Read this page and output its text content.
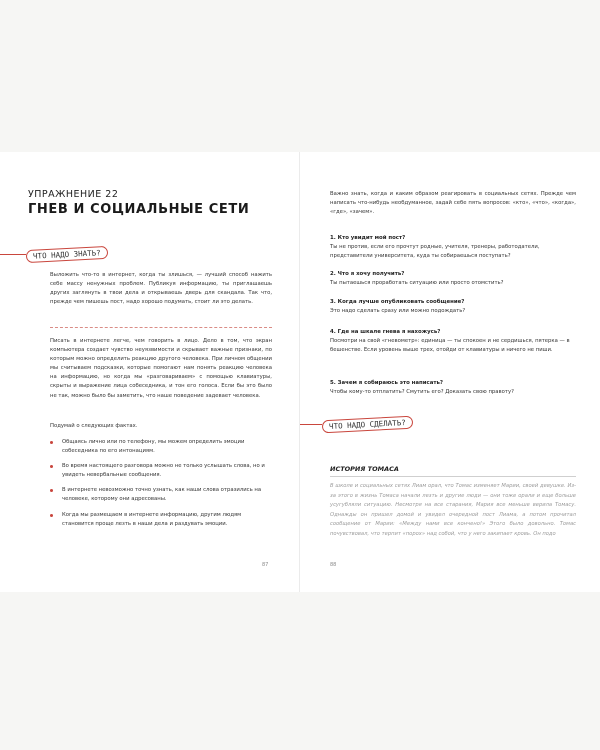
УПРАЖНЕНИЕ 22
ГНЕВ И СОЦИАЛЬНЫЕ СЕТИ
ЧТО НАДО ЗНАТЬ?
Выложить что-то в интернет, когда ты злишься, — лучший способ нажить себе массу ненужных проблем. Публикуя информацию, ты приглашаешь других заглянуть в твои дела и открываешь дверь для скандала. Так что, прежде чем пишешь пост, надо хорошо подумать, стоит ли это делать.
Писать в интернете легче, чем говорить в лицо. Дело в том, что экран компьютера создает чувство неуязвимости и скрывает важные признаки, по которым можно определить реакцию другого человека. При личном общении мы считываем подсказки, которые помогают нам понять реакцию человека на информацию, но когда мы «разговариваем» с помощью клавиатуры, скрыты и выражение лица собеседника, и тон его голоса. Если бы это было не так, можно было бы заметить, что наше поведение задевает человека.
Подумай о следующих фактах.
Общаясь лично или по телефону, мы можем определить эмоции собеседника по его интонациям.
Во время настоящего разговора можно не только услышать слова, но и увидеть невербальные сообщения.
В интернете невозможно точно узнать, как наши слова отразились на человеке, которому они адресованы.
Когда мы размещаем в интернете информацию, другим людям становится проще лезть в наши дела и раздувать эмоции.
87
Важно знать, когда и каким образом реагировать в социальных сетях. Прежде чем написать что-нибудь необдуманное, задай себе пять вопросов: «кто», «что», «когда», «где», «зачем».
1. Кто увидит мой пост?
Ты не против, если его прочтут родные, учителя, тренеры, работодатели, представители университета, куда ты собираешься поступать?
2. Что я хочу получить?
Ты пытаешься проработать ситуацию или просто отомстить?
3. Когда лучше опубликовать сообщение?
Это надо сделать сразу или можно подождать?
4. Где на шкале гнева я нахожусь?
Посмотри на свой «гневометр»: единица — ты спокоен и не сердишься, пятерка — в бешенстве. Если уровень выше трех, отойди от клавиатуры и ничего не пиши.
5. Зачем я собираюсь это написать?
Чтобы кому-то отплатить? Смутить его? Доказать свою правоту?
ЧТО НАДО СДЕЛАТЬ?
ИСТОРИЯ ТОМАСА
В школе и социальных сетях Лиам орал, что Томас изменяет Марии, своей девушке. Из-за этого в жизнь Томаса начали лезть и другие люди — они тоже орали и еще больше усугубляли ситуацию. Несмотря на все старания, Мария все меньше верила Томасу. Однажды он пришел домой и увидел очередной пост Лиама, а потом прочитал сообщение от Марии: «Между нами все кончено!» Этого было довольно. Томас почувствовал, что терпит «порох» над собой, что у него закипает кровь. Он подо
88
